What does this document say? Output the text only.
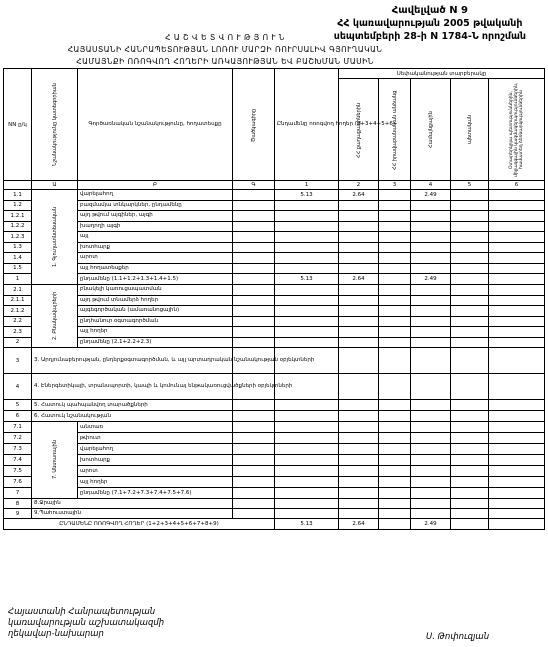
Հավելված N 9
ՀՀ կառավարության 2005 թվականի
սեպտեմբերի 28-ի N 1784-Ն որոշման
Հ Ա Շ Վ Ե Տ Վ Ո Ւ Թ Յ Ո Ւ Ն
ՀԱՅԱՍՏԱՆԻ ՀԱՆՐԱՊԵՏՈՒԹՅԱՆ ԼՈՌՈՒ ՄԱՐԶԻ ՌՈՒՐՍԱԼԻՎ ԳՅՈՒՂԱԿԱՆ
ՀԱՄԱՅՆՔԻ ՈՌՈԳՎՈՂ ՀՈՂԵՐԻ ԱՌԿԱՅՈՒԹՅԱՆ ԵՎ ԲԱՇԽՄԱՆ ՄԱՍԻՆ
NN ը/կ	Նշանակությունը կատեգորիան	Գործառնական նշանակությունը, հողատեսքը	Ծածկագիրը	Ընդամենը ոռոգվող հողեր (2+3+4+5+6)	Սեփականության տարբերակը				

					ՀՀ քաղաքացիներին	ՀՀ իրավաբանական անձանց	Համայնքային	պետական	Օտարերկրյա պետություններին, միջազգային կազմակերպություններին, համատեղ ձեռնարկություններին

	Ա	Բ	Գ	1	2	3	4	5	6
1.1	1. Գյուղատնտեսական	վարելահող		5.13	2.64		2.49		
1.2		բազմամյա տնկարկներ, ընդամենը							
1.2.1		այդ թվում այգիներ, այգի							
1.2.2		խաղողի այգի							
1.2.3		այլ							
1.3		խոտհարք							
1.4		արոտ							
1.5		այլ հողատեսքեր							
1		ընդամենը (1.1+1.2+1.3+1.4+1.5)		5.13	2.64		2.49		
2.1	2. Բնակավայրերի	բնակելի կառուցապատման							
2.1.1		այդ թվում տնամերձ հողեր							
2.1.2		այգեգործական (ամառանոցային)							
2.2		ընդհանուր օգտագործման							
2.3		այլ հողեր							
2		ընդամենը (2.1+2.2+2.3)							
3	3. Արդյունաբերության, ընդերքօգտագործման, և այլ արտադրական նշանակության օբյեկտների								
4	4. Էներգետիկայի, տրանսպորտի, կապի և կոմունալ ենթակառուցվածքների օբյեկտների								
5	5. Հատուկ պահպանվող տարածքների								
6	6. Հատուկ նշանակության								
7.1	7. Անտառային	անտառ							
7.2		թփուտ							
7.3		վարելահող							
7.4		խոտհարք							
7.5		արոտ							
7.6		այլ հողեր							
7		ընդամենը (7.1+7.2+7.3+7.4+7.5+7.6)							
8	8.Ջրային								
9	9.Պահուստային								
ԸՆԴԱՄԵՆԸ ՈՌՈԳՎՈՂ ՀՈՂԵՐ (1+2+3+4+5+6+7+8+9)				5.13	2.64		2.49		
Հայաստանի Հանրապետության
կառավարության աշխատակազմի
ղեկավար-նախարար	Ս. Թոփուզյան
